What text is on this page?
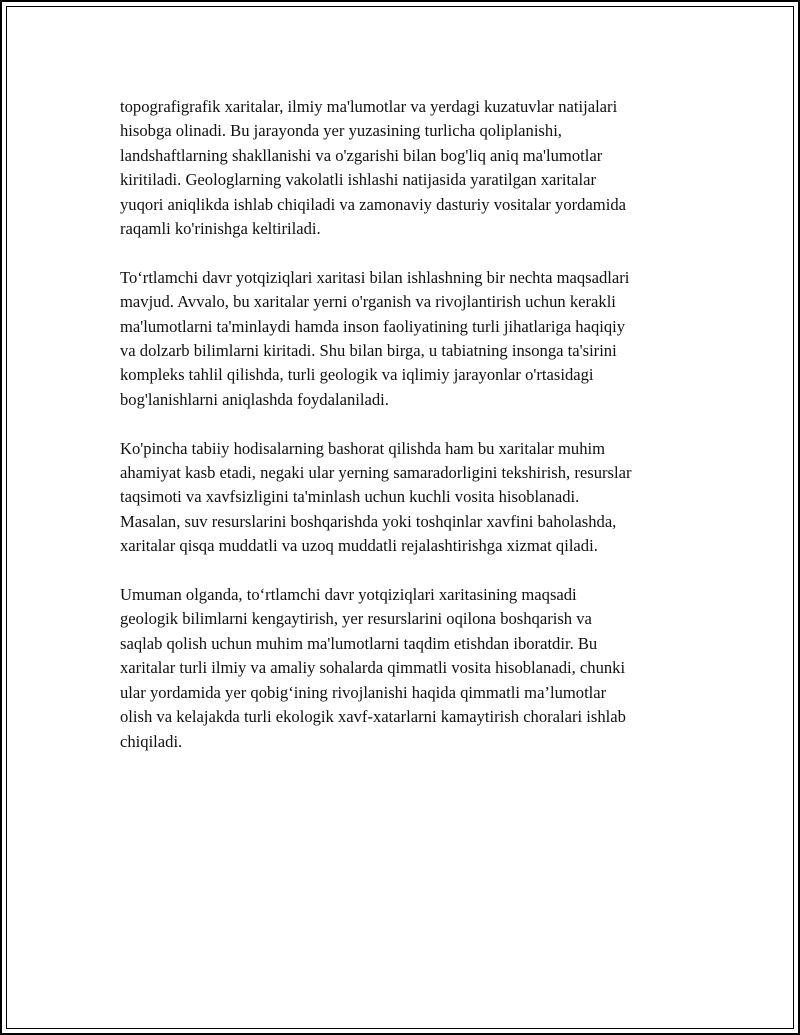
topografigrafik xaritalar, ilmiy ma'lumotlar va yerdagi kuzatuvlar natijalari
hisobga olinadi. Bu jarayonda yer yuzasining turlicha qoliplanishi,
landshaftlarning shakllanishi va o'zgarishi bilan bog'liq aniq ma'lumotlar
kiritiladi. Geologlarning vakolatli ishlashi natijasida yaratilgan xaritalar
yuqori aniqlikda ishlab chiqiladi va zamonaviy dasturiy vositalar yordamida
raqamli ko'rinishga keltiriladi.

To‘rtlamchi davr yotqiziqlari xaritasi bilan ishlashning bir nechta maqsadlari
mavjud. Avvalo, bu xaritalar yerni o'rganish va rivojlantirish uchun kerakli
ma'lumotlarni ta'minlaydi hamda inson faoliyatining turli jihatlariga haqiqiy
va dolzarb bilimlarni kiritadi. Shu bilan birga, u tabiatning insonga ta'sirini
kompleks tahlil qilishda, turli geologik va iqlimiy jarayonlar o'rtasidagi
bog'lanishlarni aniqlashda foydalaniladi.

Ko'pincha tabiiy hodisalarning bashorat qilishda ham bu xaritalar muhim
ahamiyat kasb etadi, negaki ular yerning samaradorligini tekshirish, resurslar
taqsimoti va xavfsizligini ta'minlash uchun kuchli vosita hisoblanadi.
Masalan, suv resurslarini boshqarishda yoki toshqinlar xavfini baholashda,
xaritalar qisqa muddatli va uzoq muddatli rejalashtirishga xizmat qiladi.

Umuman olganda, to‘rtlamchi davr yotqiziqlari xaritasining maqsadi
geologik bilimlarni kengaytirish, yer resurslarini oqilona boshqarish va
saqlab qolish uchun muhim ma'lumotlarni taqdim etishdan iboratdir. Bu
xaritalar turli ilmiy va amaliy sohalarda qimmatli vosita hisoblanadi, chunki
ular yordamida yer qobig‘ining rivojlanishi haqida qimmatli ma’lumotlar
olish va kelajakda turli ekologik xavf-xatarlarni kamaytirish choralari ishlab
chiqiladi.
